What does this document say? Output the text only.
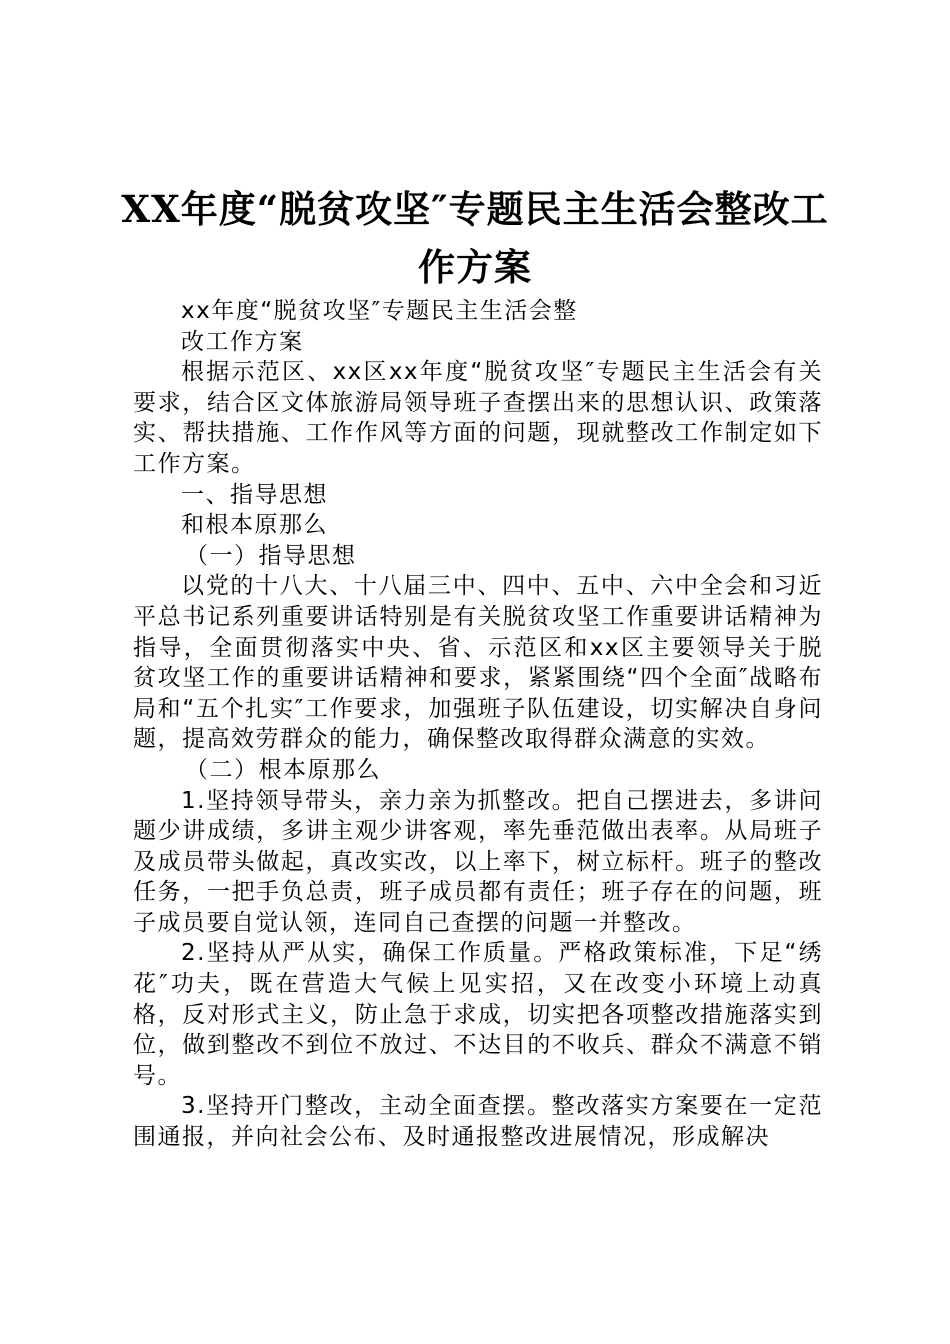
XX年度“脱贫攻坚″专题民主生活会整改工作方案

xx年度“脱贫攻坚″专题民主生活会整

改工作方案

根据示范区、xx区xx年度“脱贫攻坚″专题民主生活会有关要求，结合区文体旅游局领导班子查摆出来的思想认识、政策落实、帮扶措施、工作作风等方面的问题，现就整改工作制定如下工作方案。

一、指导思想

和根本原那么

（一）指导思想

以党的十八大、十八届三中、四中、五中、六中全会和习近平总书记系列重要讲话特别是有关脱贫攻坚工作重要讲话精神为指导，全面贯彻落实中央、省、示范区和xx区主要领导关于脱贫攻坚工作的重要讲话精神和要求，紧紧围绕“四个全面″战略布局和“五个扎实″工作要求，加强班子队伍建设，切实解决自身问题，提高效劳群众的能力，确保整改取得群众满意的实效。

（二）根本原那么

1.坚持领导带头，亲力亲为抓整改。把自己摆进去，多讲问题少讲成绩，多讲主观少讲客观，率先垂范做出表率。从局班子及成员带头做起，真改实改，以上率下，树立标杆。班子的整改任务，一把手负总责，班子成员都有责任；班子存在的问题，班子成员要自觉认领，连同自己查摆的问题一并整改。

2.坚持从严从实，确保工作质量。严格政策标准，下足“绣花″功夫，既在营造大气候上见实招，又在改变小环境上动真格，反对形式主义，防止急于求成，切实把各项整改措施落实到位，做到整改不到位不放过、不达目的不收兵、群众不满意不销号。

3.坚持开门整改，主动全面查摆。整改落实方案要在一定范围通报，并向社会公布、及时通报整改进展情况，形成解决
